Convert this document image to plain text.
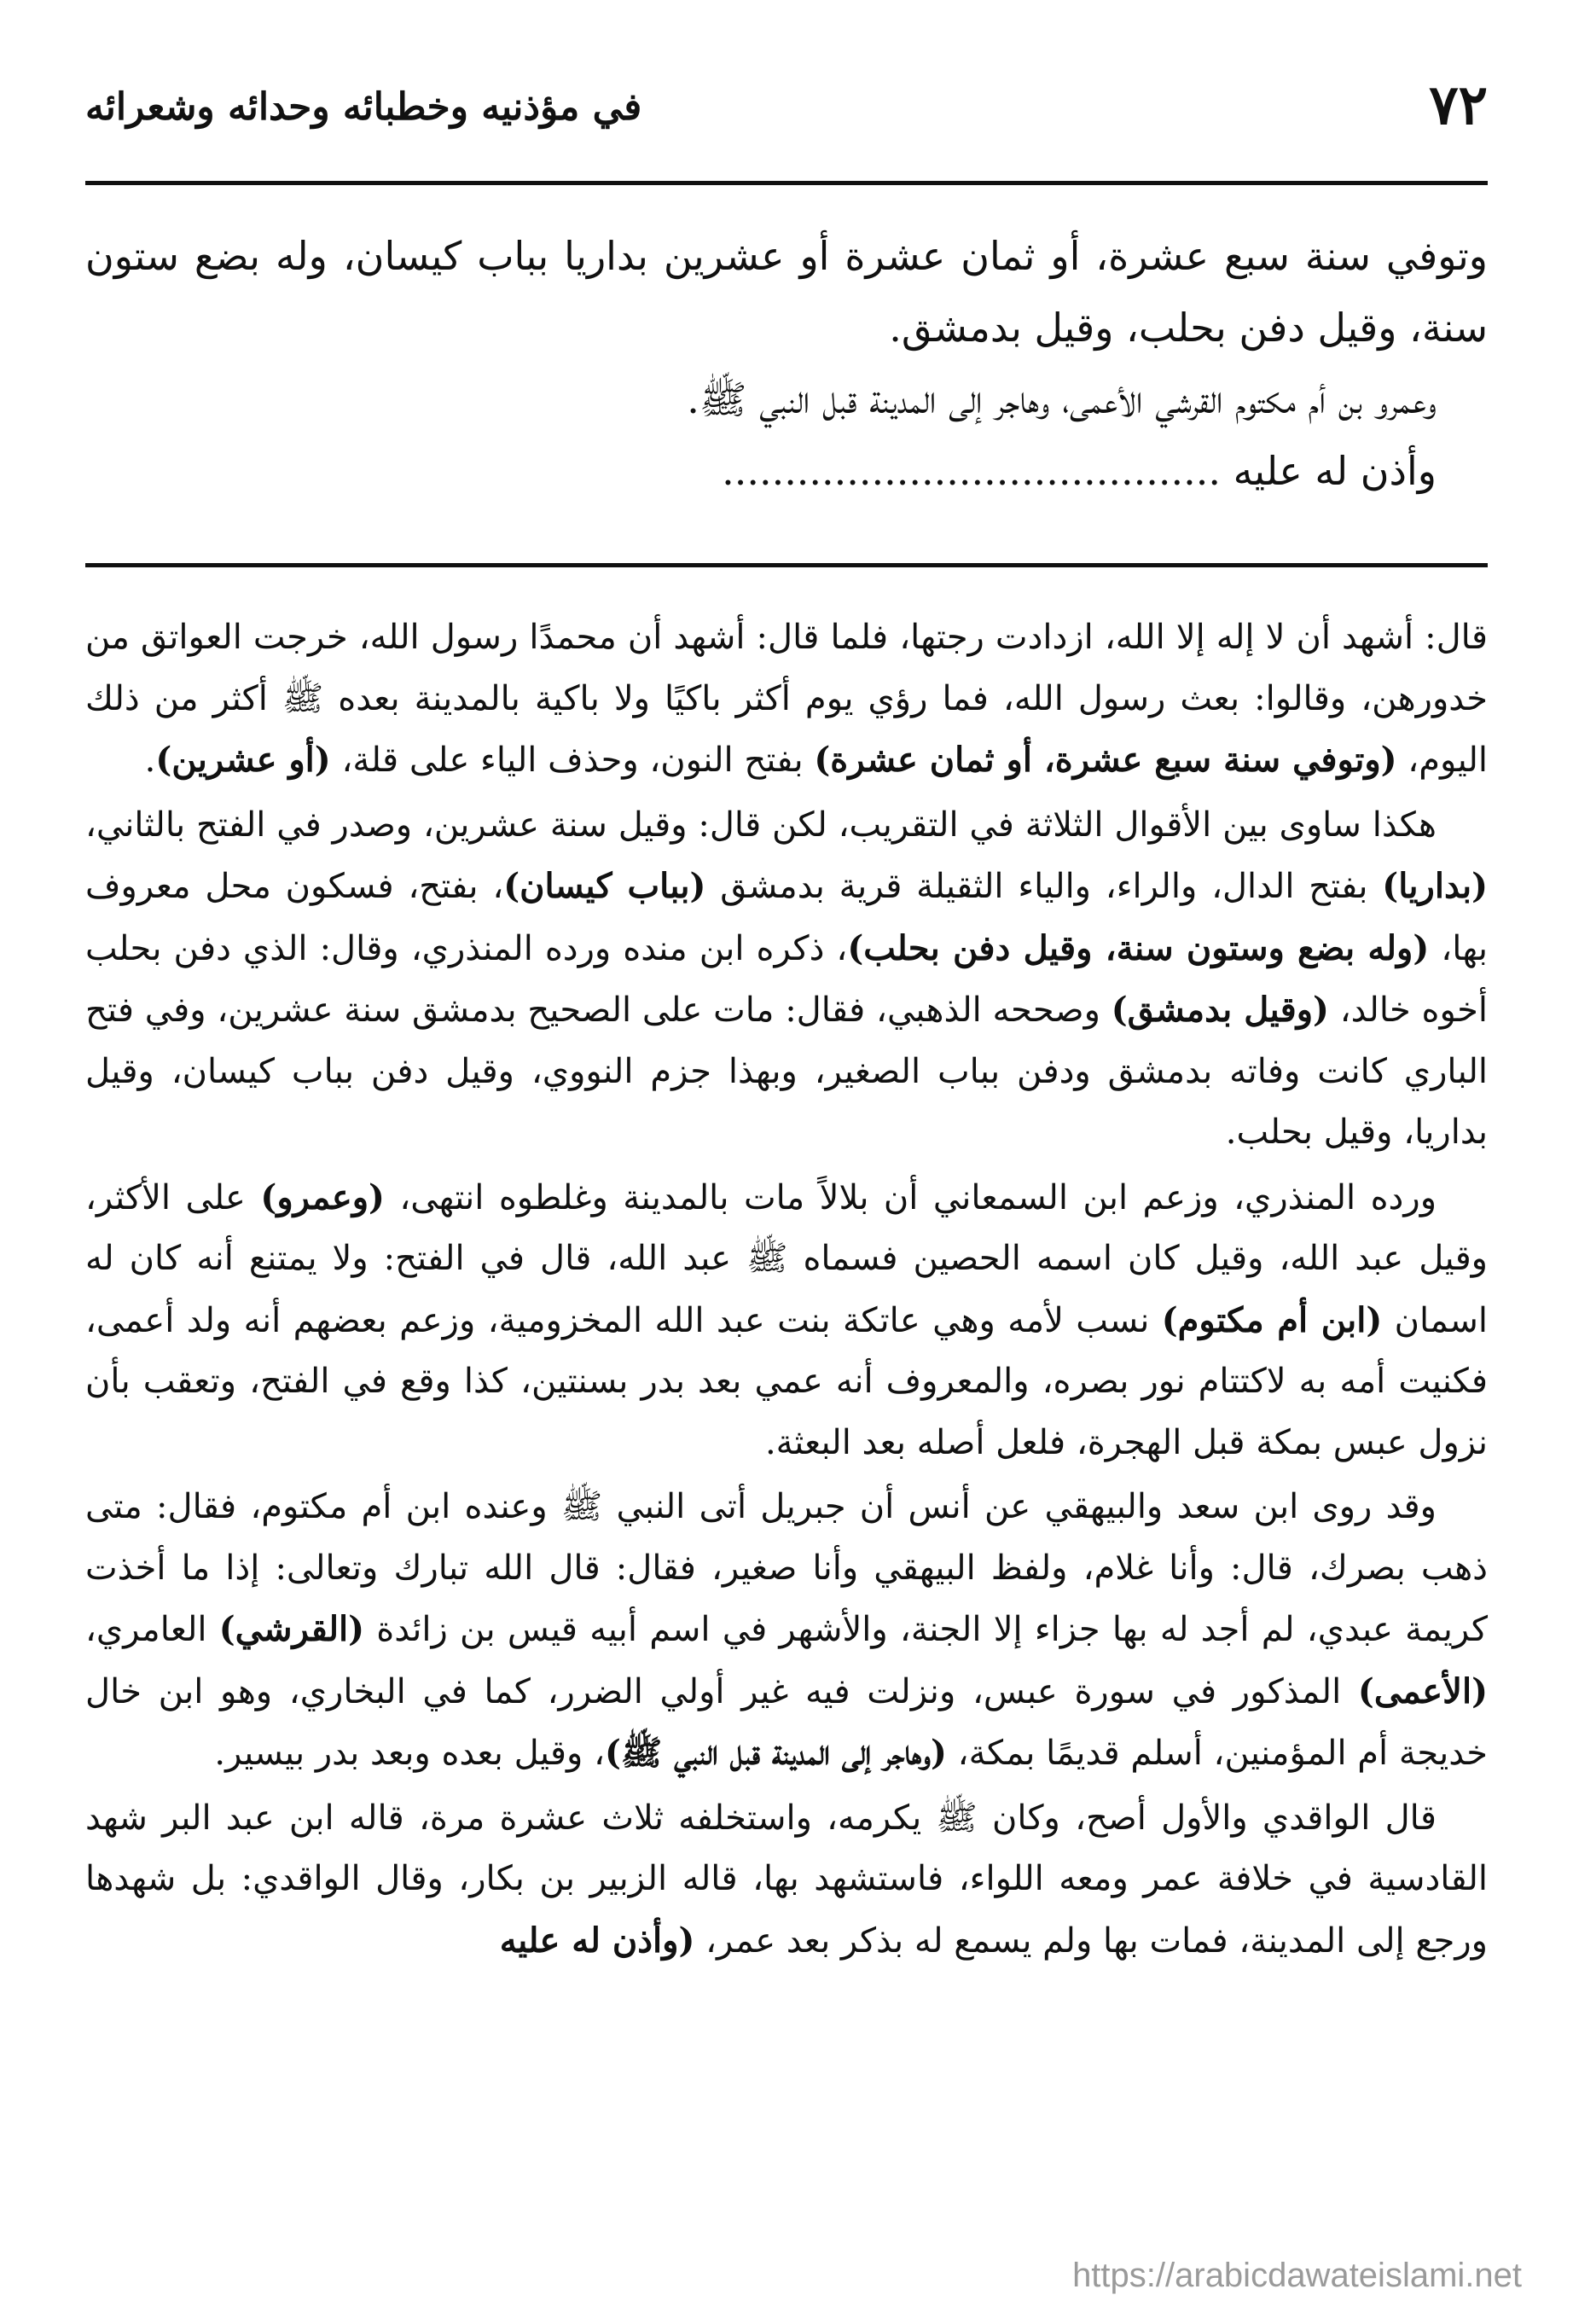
٧٢
في مؤذنيه وخطبائه وحدائه وشعرائه

وتوفي سنة سبع عشرة، أو ثمان عشرة أو عشرين بداريا بباب كيسان، وله بضع ستون سنة، وقيل دفن بحلب، وقيل بدمشق.

وعمرو بن أم مكتوم القرشي الأعمى، وهاجر إلى المدينة قبل النبي ﷺ.

وأذن له عليه ........................................

قال: أشهد أن لا إله إلا الله، ازدادت رجتها، فلما قال: أشهد أن محمدًا رسول الله، خرجت العواتق من خدورهن، وقالوا: بعث رسول الله، فما رؤي يوم أكثر باكيًا ولا باكية بالمدينة بعده ﷺ أكثر من ذلك اليوم، (وتوفي سنة سبع عشرة، أو ثمان عشرة) بفتح النون، وحذف الياء على قلة، (أو عشرين).

هكذا ساوى بين الأقوال الثلاثة في التقريب، لكن قال: وقيل سنة عشرين، وصدر في الفتح بالثاني، (بداريا) بفتح الدال، والراء، والياء الثقيلة قرية بدمشق (بباب كيسان)، بفتح، فسكون محل معروف بها، (وله بضع وستون سنة، وقيل دفن بحلب)، ذكره ابن منده ورده المنذري، وقال: الذي دفن بحلب أخوه خالد، (وقيل بدمشق) وصححه الذهبي، فقال: مات على الصحيح بدمشق سنة عشرين، وفي فتح الباري كانت وفاته بدمشق ودفن بباب الصغير، وبهذا جزم النووي، وقيل دفن بباب كيسان، وقيل بداريا، وقيل بحلب.

ورده المنذري، وزعم ابن السمعاني أن بلالاً مات بالمدينة وغلطوه انتهى، (وعمرو) على الأكثر، وقيل عبد الله، وقيل كان اسمه الحصين فسماه ﷺ عبد الله، قال في الفتح: ولا يمتنع أنه كان له اسمان (ابن أم مكتوم) نسب لأمه وهي عاتكة بنت عبد الله المخزومية، وزعم بعضهم أنه ولد أعمى، فكنيت أمه به لاكتتام نور بصره، والمعروف أنه عمي بعد بدر بسنتين، كذا وقع في الفتح، وتعقب بأن نزول عبس بمكة قبل الهجرة، فلعل أصله بعد البعثة.

وقد روى ابن سعد والبيهقي عن أنس أن جبريل أتى النبي ﷺ وعنده ابن أم مكتوم، فقال: متى ذهب بصرك، قال: وأنا غلام، ولفظ البيهقي وأنا صغير، فقال: قال الله تبارك وتعالى: إذا ما أخذت كريمة عبدي، لم أجد له بها جزاء إلا الجنة، والأشهر في اسم أبيه قيس بن زائدة (القرشي) العامري، (الأعمى) المذكور في سورة عبس، ونزلت فيه غير أولي الضرر، كما في البخاري، وهو ابن خال خديجة أم المؤمنين، أسلم قديمًا بمكة، (وهاجر إلى المدينة قبل النبي ﷺ)، وقيل بعده وبعد بدر بيسير.

قال الواقدي والأول أصح، وكان ﷺ يكرمه، واستخلفه ثلاث عشرة مرة، قاله ابن عبد البر شهد القادسية في خلافة عمر ومعه اللواء، فاستشهد بها، قاله الزبير بن بكار، وقال الواقدي: بل شهدها ورجع إلى المدينة، فمات بها ولم يسمع له بذكر بعد عمر، (وأذن له عليه

https://arabicdawateislami.net
